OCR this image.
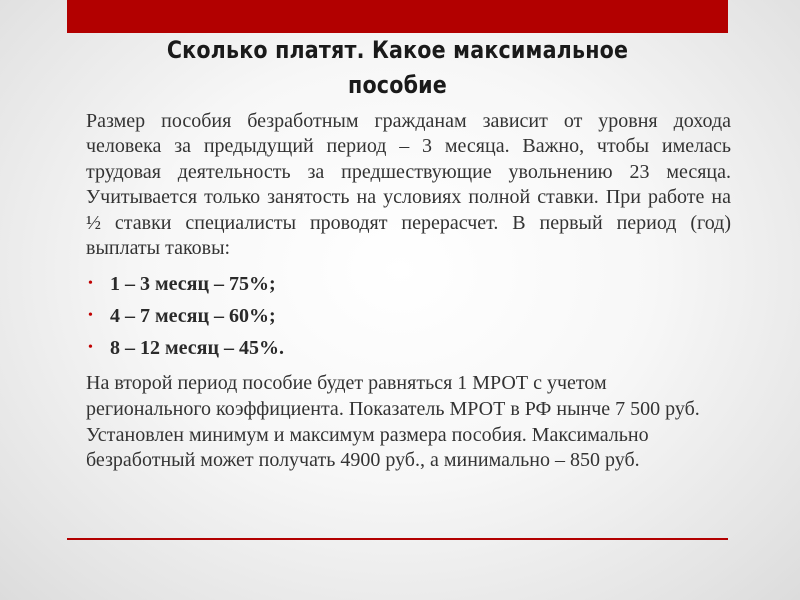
Сколько платят. Какое максимальное
пособие

Размер пособия безработным гражданам зависит от уровня дохода человека за предыдущий период – 3 месяца. Важно, чтобы имелась трудовая деятельность за предшествующие увольнению 23 месяца. Учитывается только занятость на условиях полной ставки. При работе на ½ ставки специалисты проводят перерасчет. В первый период (год) выплаты таковы:

• 1 – 3 месяц – 75%;
• 4 – 7 месяц – 60%;
• 8 – 12 месяц – 45%.

На второй период пособие будет равняться 1 МРОТ с учетом регионального коэффициента. Показатель МРОТ в РФ нынче 7 500 руб. Установлен минимум и максимум размера пособия. Максимально безработный может получать 4900 руб., а минимально – 850 руб.
